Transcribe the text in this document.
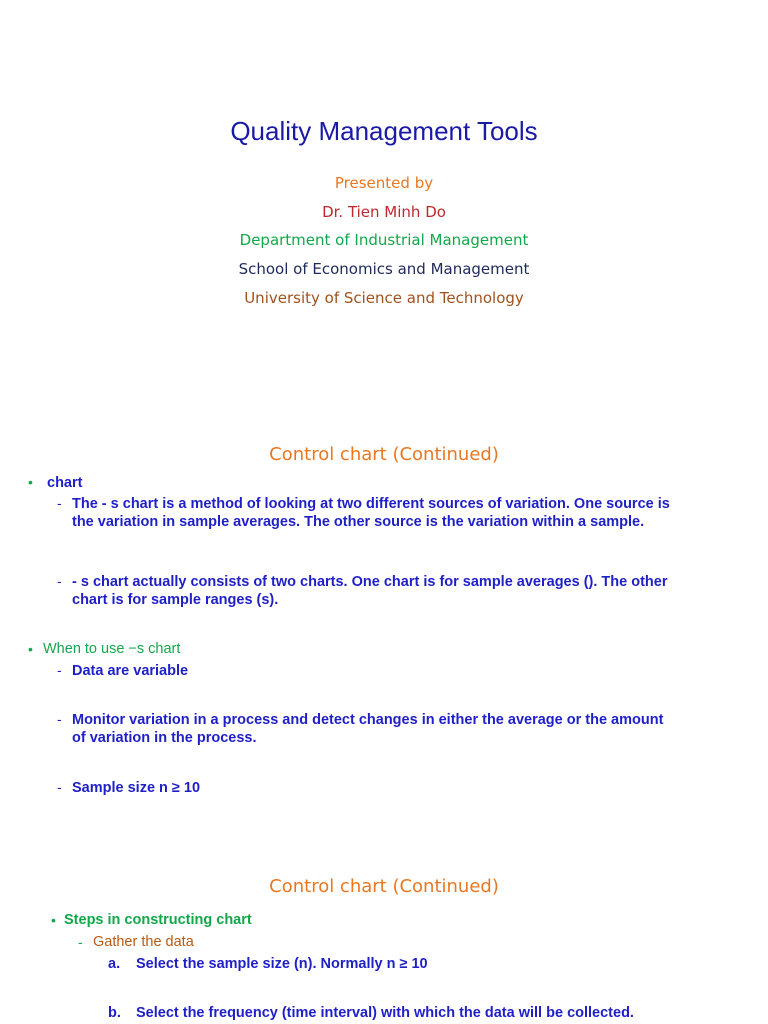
Quality Management Tools
Presented by
Dr. Tien Minh Do
Department of Industrial Management
School of Economics and Management
University of Science and Technology
Control chart (Continued)
• chart
- The - s chart is a method of looking at two different sources of variation. One source is the variation in sample averages. The other source is the variation within a sample.
- - s chart actually consists of two charts. One chart is for sample averages (). The other chart is for sample ranges (s).
• When to use −s chart
- Data are variable
- Monitor variation in a process and detect changes in either the average or the amount of variation in the process.
- Sample size n ≥ 10
Control chart (Continued)
• Steps in constructing chart
- Gather the data
a. Select the sample size (n). Normally n ≥ 10
b. Select the frequency (time interval) with which the data will be collected.
